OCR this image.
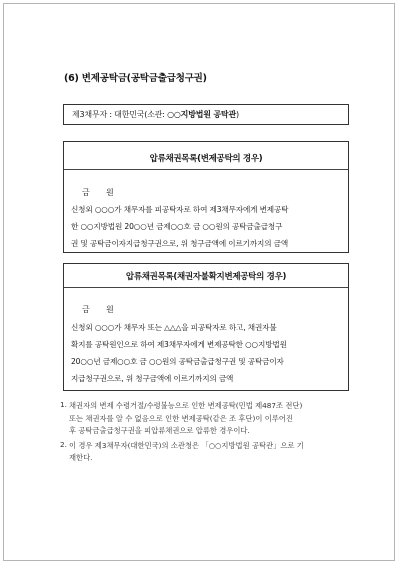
(6) 변제공탁금(공탁금출급청구권)
제3채무자 : 대한민국(소관: ○○지방법원 공탁관)
압류채권목록(변제공탁의 경우)
금 원
신청외 ○○○가 채무자를 피공탁자로 하여 제3채무자에게 변제공탁
한 ○○지방법원 20○○년 금제○○호 금 ○○원의 공탁금출급청구
권 및 공탁금이자지급청구권으로, 위 청구금액에 이르기까지의 금액
압류채권목록(채권자불확지변제공탁의 경우)
금 원
신청외 ○○○가 채무자 또는 △△△을 피공탁자로 하고, 채권자불
확지를 공탁원인으로 하여 제3채무자에게 변제공탁한 ○○지방법원
20○○년 금제○○호 금 ○○원의 공탁금출급청구권 및 공탁금이자
지급청구권으로, 위 청구금액에 이르기까지의 금액
1. 채권자의 변제 수령거절/수령불능으로 인한 변제공탁(민법 제487조 전단)
또는 채권자를 알 수 없음으로 인한 변제공탁(같은 조 후단)이 이루어진
후 공탁금출급청구권을 피압류채권으로 압류한 경우이다.
2. 이 경우 제3채무자(대한민국)의 소관청은 「○○지방법원 공탁관」으로 기
재한다.
